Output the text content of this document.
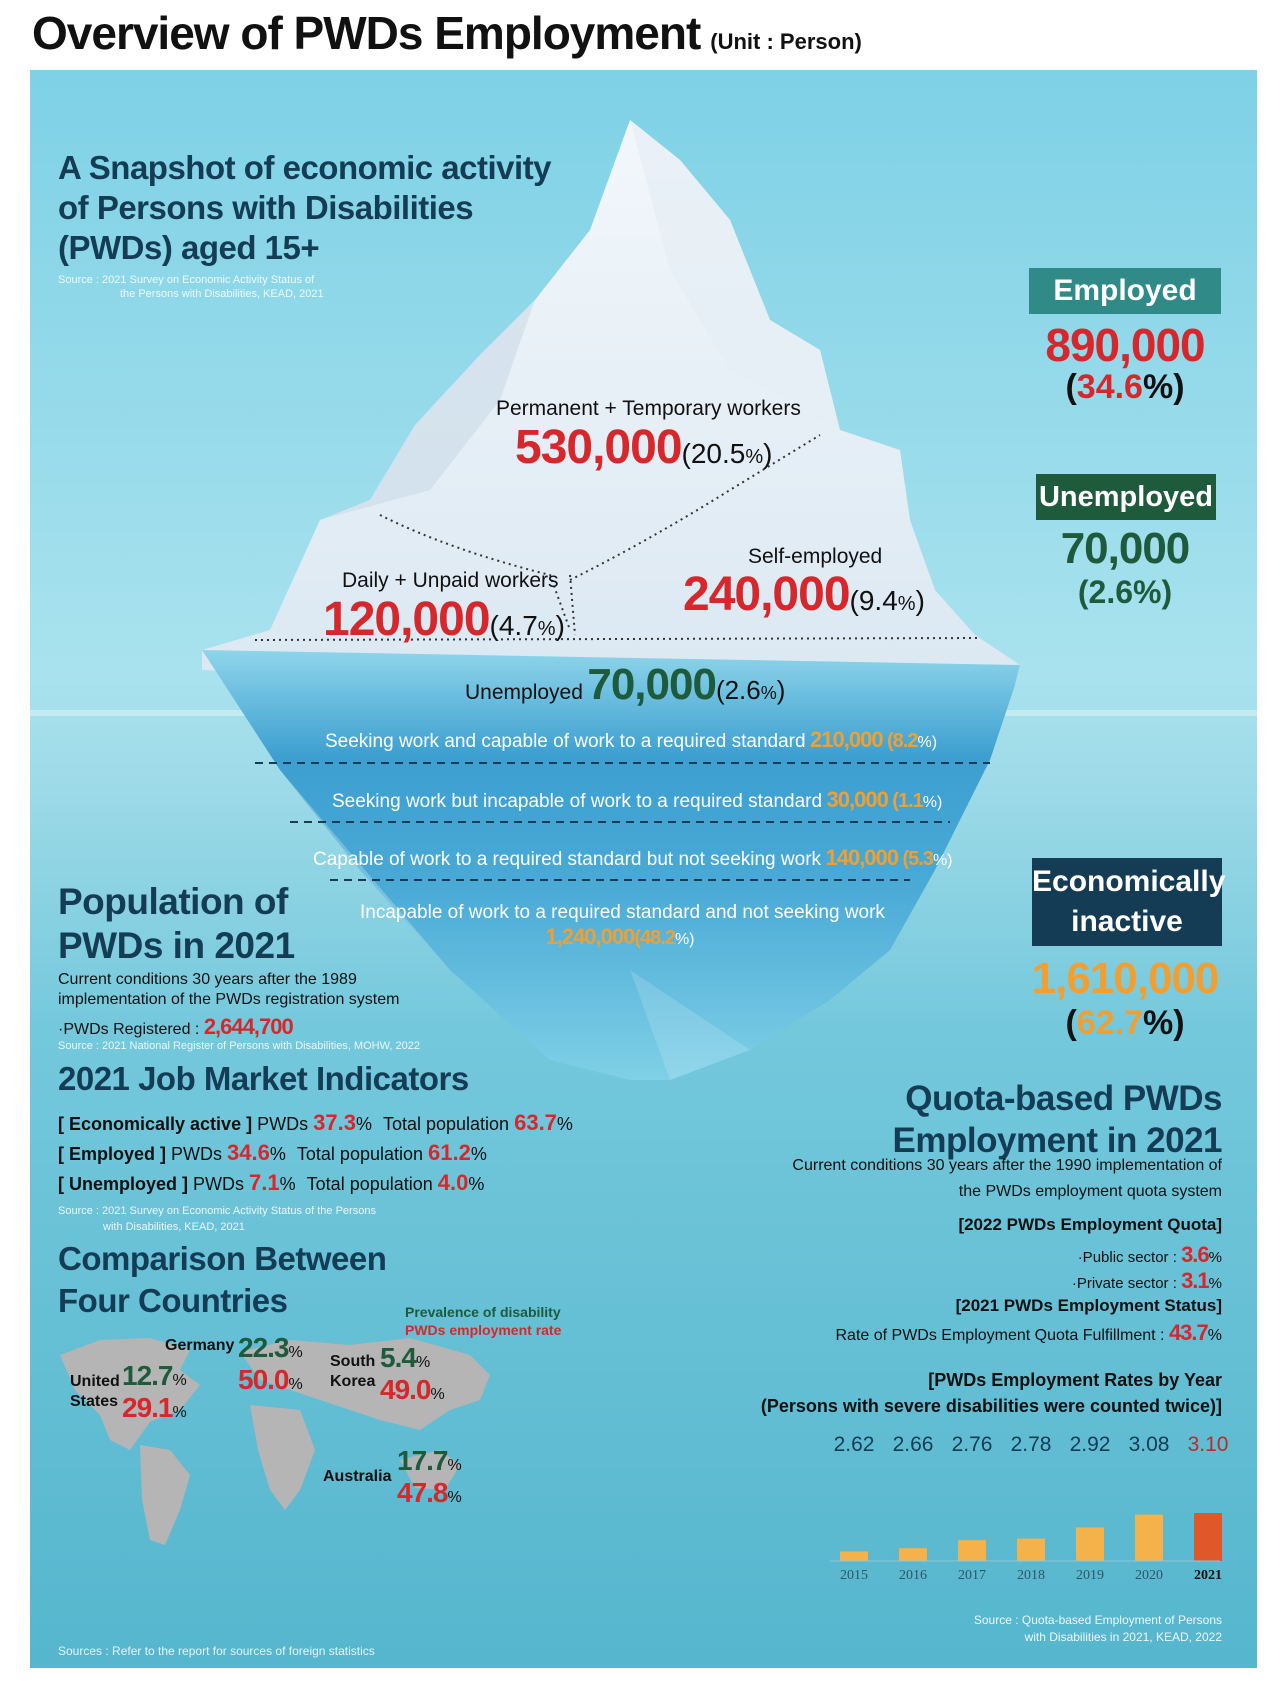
Overview of PWDs Employment (Unit : Person)
A Snapshot of economic activity
of Persons with Disabilities
(PWDs) aged 15+
Source : 2021 Survey on Economic Activity Status of
the Persons with Disabilities, KEAD, 2021
Permanent + Temporary workers
530,000(20.5%)
Daily + Unpaid workers
120,000(4.7%)
Self-employed
240,000(9.4%)
Unemployed 70,000(2.6%)
Seeking work and capable of work to a required standard 210,000 (8.2%)
Seeking work but incapable of work to a required standard 30,000 (1.1%)
Capable of work to a required standard but not seeking work 140,000 (5.3%)
Incapable of work to a required standard and not seeking work
1,240,000(48.2%)
Employed
890,000
(34.6%)
Unemployed
70,000
(2.6%)
Economically
inactive
1,610,000
(62.7%)
Population of
PWDs in 2021
Current conditions 30 years after the 1989
implementation of the PWDs registration system
·PWDs Registered : 2,644,700
Source : 2021 National Register of Persons with Disabilities, MOHW, 2022
2021 Job Market Indicators
[ Economically active ] PWDs 37.3% Total population 63.7%
[ Employed ] PWDs 34.6% Total population 61.2%
[ Unemployed ] PWDs 7.1% Total population 4.0%
Source : 2021 Survey on Economic Activity Status of the Persons
with Disabilities, KEAD, 2021
Comparison Between
Four Countries	Prevalence of disability
PWDs employment rate
United
States
12.7%
29.1%
Germany 22.3%
50.0%
South
Korea
5.4%
49.0%
Australia
17.7%
47.8%
Sources : Refer to the report for sources of foreign statistics
Quota-based PWDs
Employment in 2021
Current conditions 30 years after the 1990 implementation of
the PWDs employment quota system
[2022 PWDs Employment Quota]
·Public sector : 3.6%
·Private sector : 3.1%
[2021 PWDs Employment Status]
Rate of PWDs Employment Quota Fulfillment : 43.7%
[PWDs Employment Rates by Year
(Persons with severe disabilities were counted twice)]
2.62
2015
2.66
2016
2.76
2017
2.78
2018
2.92
2019
3.08
2020
3.10
2021
Source : Quota-based Employment of Persons
with Disabilities in 2021, KEAD, 2022
